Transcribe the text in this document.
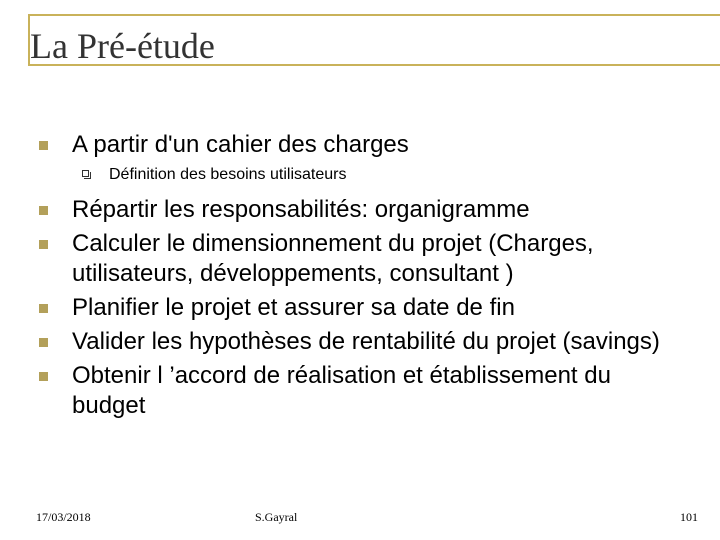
La Pré-étude
A partir d'un cahier des charges
Définition des besoins utilisateurs
Répartir les responsabilités: organigramme
Calculer le dimensionnement du projet (Charges, utilisateurs, développements, consultant )
Planifier le projet et assurer sa date de fin
Valider les hypothèses de rentabilité du projet (savings)
Obtenir l ’accord de réalisation et établissement du budget
17/03/2018	S.Gayral	101
